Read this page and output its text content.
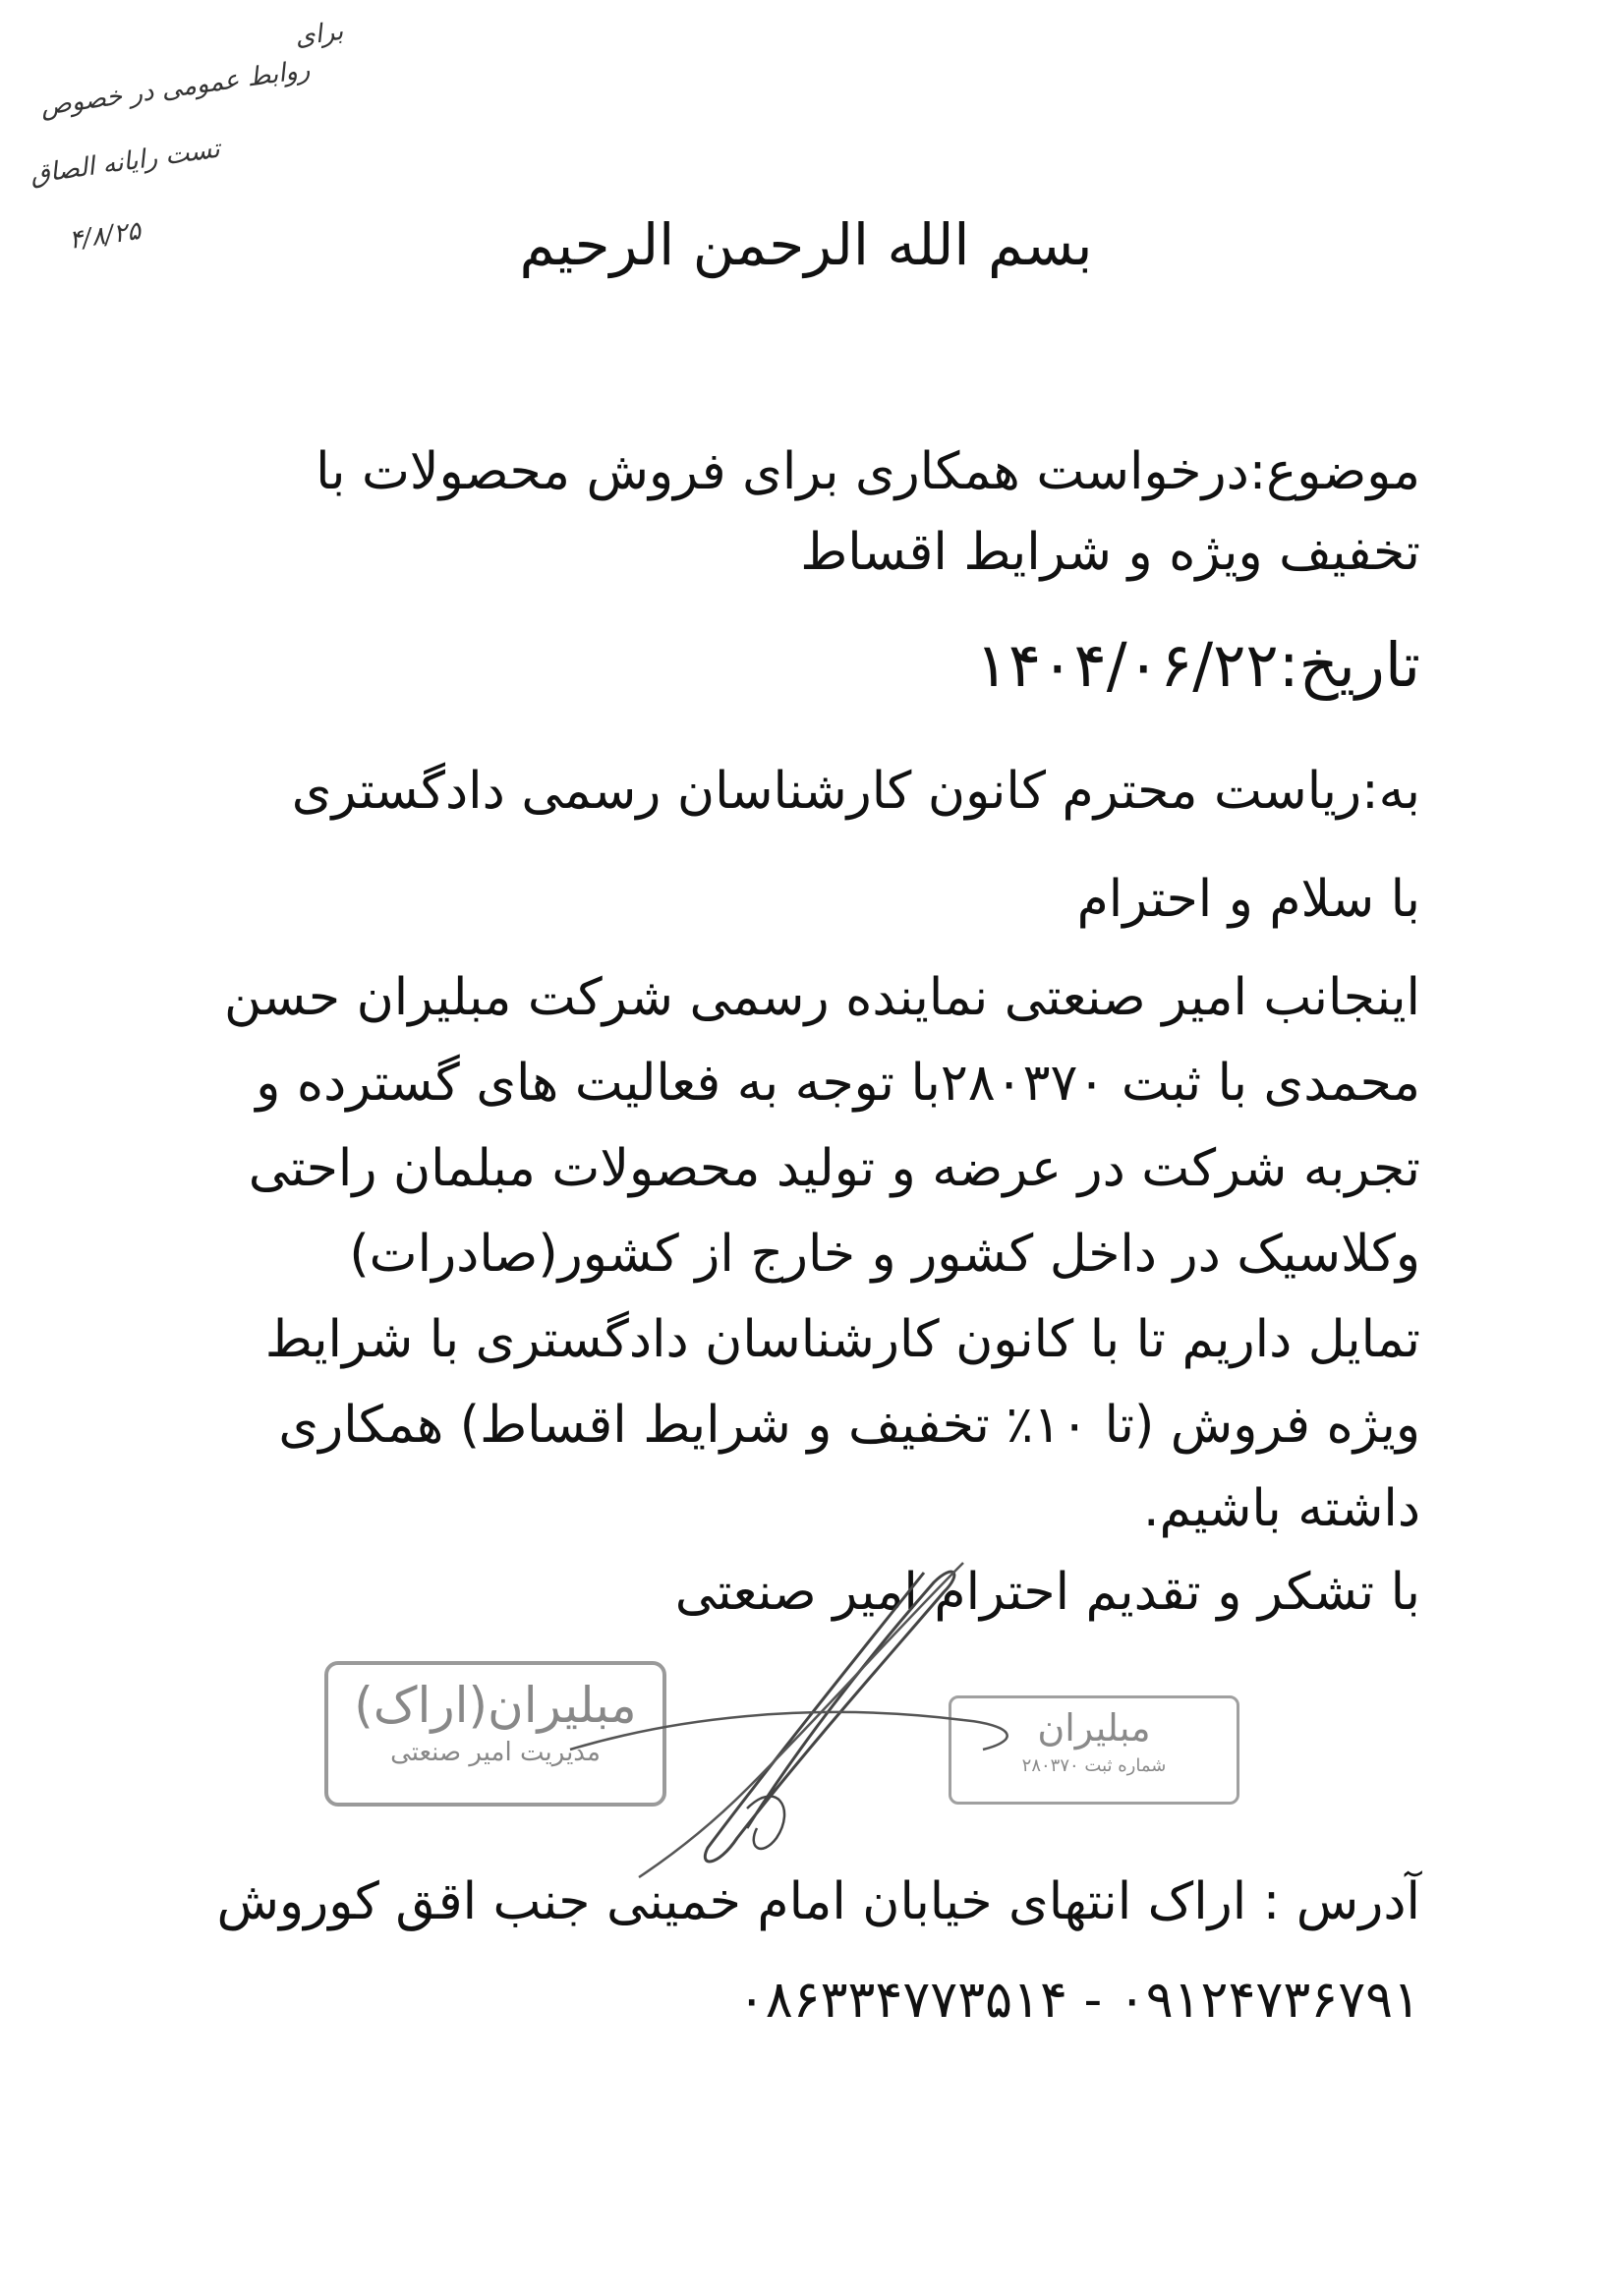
برای
روابط عمومی در خصوص
تست رایانه الصاق
۴/۸/۲۵	بسم الله الرحمن الرحیم
موضوع:درخواست همکاری برای فروش محصولات با
تخفیف ویژه و شرایط اقساط
تاریخ:۱۴۰۴/۰۶/۲۲
به:ریاست محترم کانون کارشناسان رسمی دادگستری
با سلام و احترام

اینجانب امیر صنعتی نماینده رسمی شرکت مبلیران حسن

محمدی با ثبت ۲۸۰۳۷۰با توجه به فعالیت های گسترده و

تجربه شرکت در عرضه و تولید محصولات مبلمان راحتی

وکلاسیک در داخل کشور و خارج از کشور(صادرات)

تمایل داریم تا با کانون کارشناسان دادگستری با شرایط

ویژه فروش (تا ۱۰٪ تخفیف و شرایط اقساط) همکاری

داشته باشیم.

با تشکر و تقدیم احترام امیر صنعتی
مبلیران(اراک)
مدیریت امیر صنعتی
مبلیران
شماره ثبت ۲۸۰۳۷۰
آدرس : اراک انتهای خیابان امام خمینی جنب اقق کوروش
۰۸۶۳۳۴۷۷۳۵۱۴ - ۰۹۱۲۴۷۳۶۷۹۱
